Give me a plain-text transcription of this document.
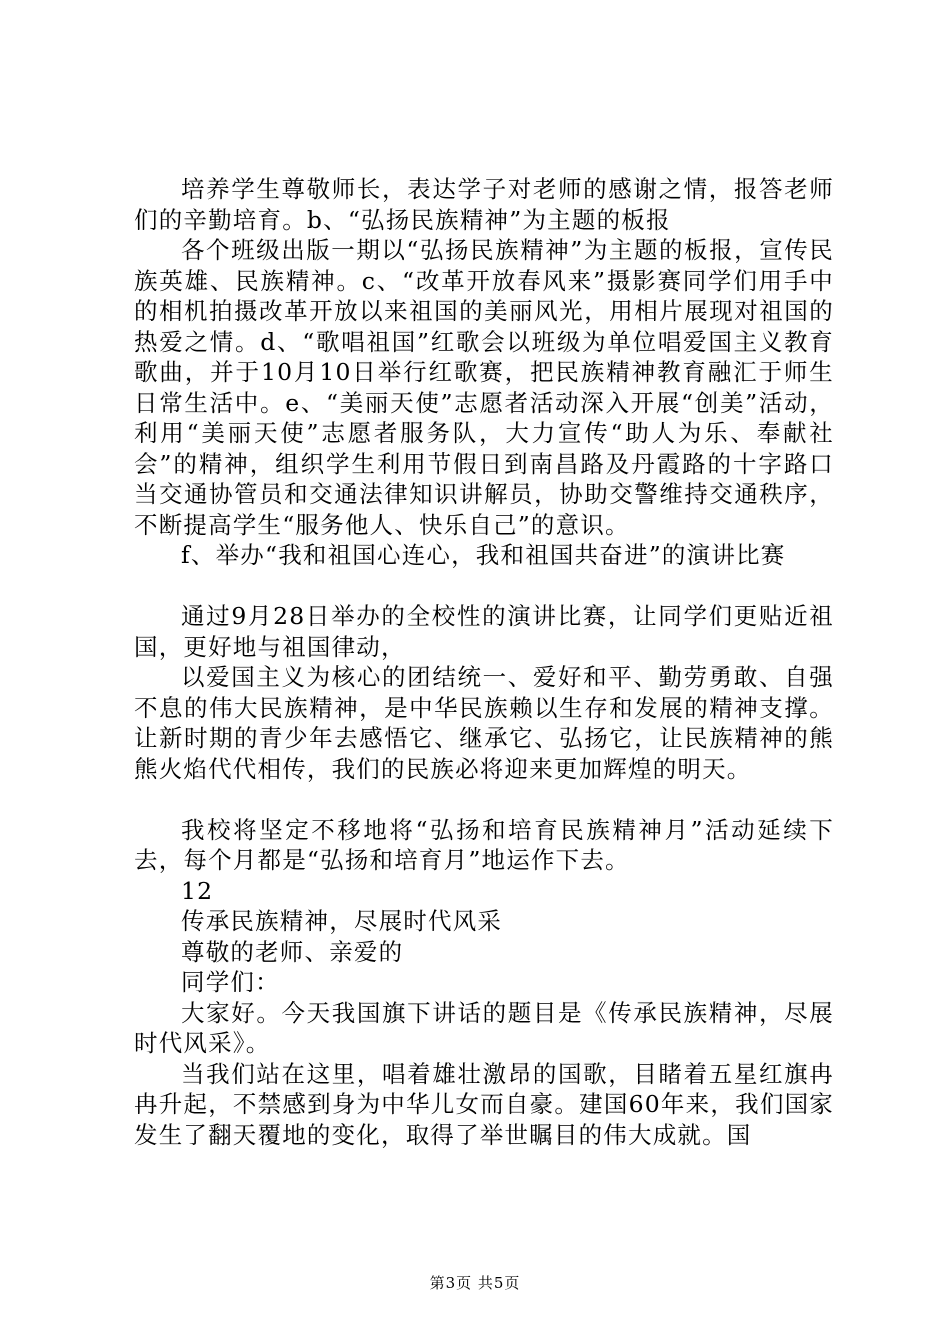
培养学生尊敬师长，表达学子对老师的感谢之情，报答老师们的辛勤培育。b、“弘扬民族精神”为主题的板报

各个班级出版一期以“弘扬民族精神”为主题的板报，宣传民族英雄、民族精神。c、“改革开放春风来”摄影赛同学们用手中的相机拍摄改革开放以来祖国的美丽风光，用相片展现对祖国的热爱之情。d、“歌唱祖国”红歌会以班级为单位唱爱国主义教育歌曲，并于10月10日举行红歌赛，把民族精神教育融汇于师生日常生活中。e、“美丽天使”志愿者活动深入开展“创美”活动，利用“美丽天使”志愿者服务队，大力宣传“助人为乐、奉献社会”的精神，组织学生利用节假日到南昌路及丹霞路的十字路口当交通协管员和交通法律知识讲解员，协助交警维持交通秩序，不断提高学生“服务他人、快乐自己”的意识。

f、举办“我和祖国心连心，我和祖国共奋进”的演讲比赛

通过9月28日举办的全校性的演讲比赛，让同学们更贴近祖国，更好地与祖国律动，

以爱国主义为核心的团结统一、爱好和平、勤劳勇敢、自强不息的伟大民族精神，是中华民族赖以生存和发展的精神支撑。让新时期的青少年去感悟它、继承它、弘扬它，让民族精神的熊熊火焰代代相传，我们的民族必将迎来更加辉煌的明天。

我校将坚定不移地将“弘扬和培育民族精神月”活动延续下去，每个月都是“弘扬和培育月”地运作下去。

12

传承民族精神，尽展时代风采

尊敬的老师、亲爱的

同学们：

大家好。今天我国旗下讲话的题目是《传承民族精神，尽展时代风采》。

当我们站在这里，唱着雄壮激昂的国歌，目睹着五星红旗冉冉升起，不禁感到身为中华儿女而自豪。建国60年来，我们国家发生了翻天覆地的变化，取得了举世瞩目的伟大成就。国

第3页 共5页
